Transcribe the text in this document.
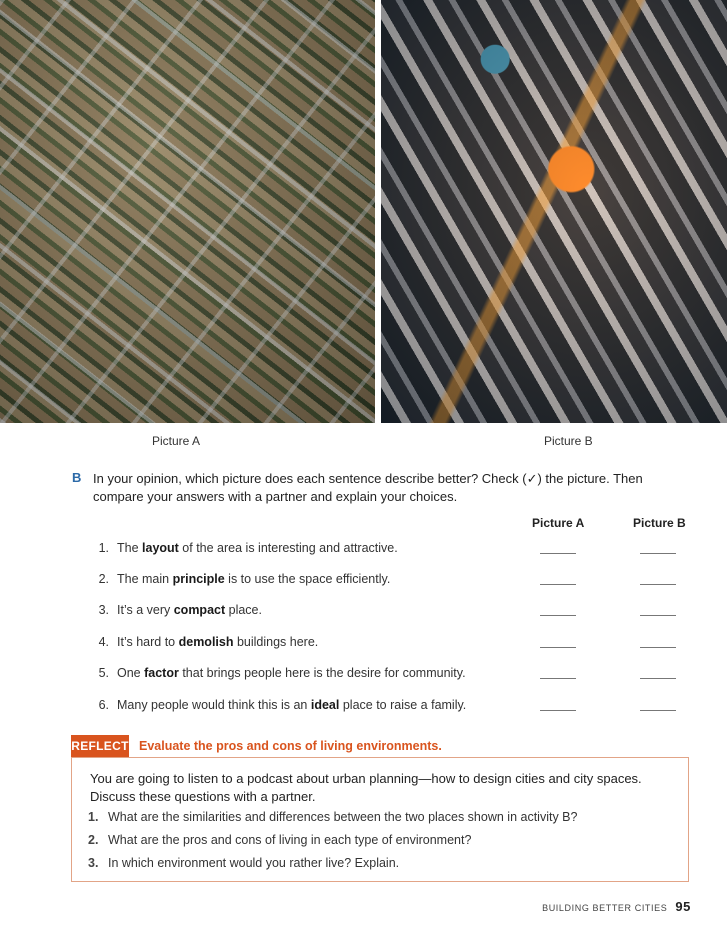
Picture A	Picture B
B In your opinion, which picture does each sentence describe better? Check (✓) the picture. Then compare your answers with a partner and explain your choices.
Picture A	Picture B
1. The layout of the area is interesting and attractive.
2. The main principle is to use the space efficiently.
3. It’s a very compact place.
4. It’s hard to demolish buildings here.
5. One factor that brings people here is the desire for community.
6. Many people would think this is an ideal place to raise a family.
REFLECT Evaluate the pros and cons of living environments.
You are going to listen to a podcast about urban planning—how to design cities and city spaces. Discuss these questions with a partner.
1. What are the similarities and differences between the two places shown in activity B?
2. What are the pros and cons of living in each type of environment?
3. In which environment would you rather live? Explain.
BUILDING BETTER CITIES 95
